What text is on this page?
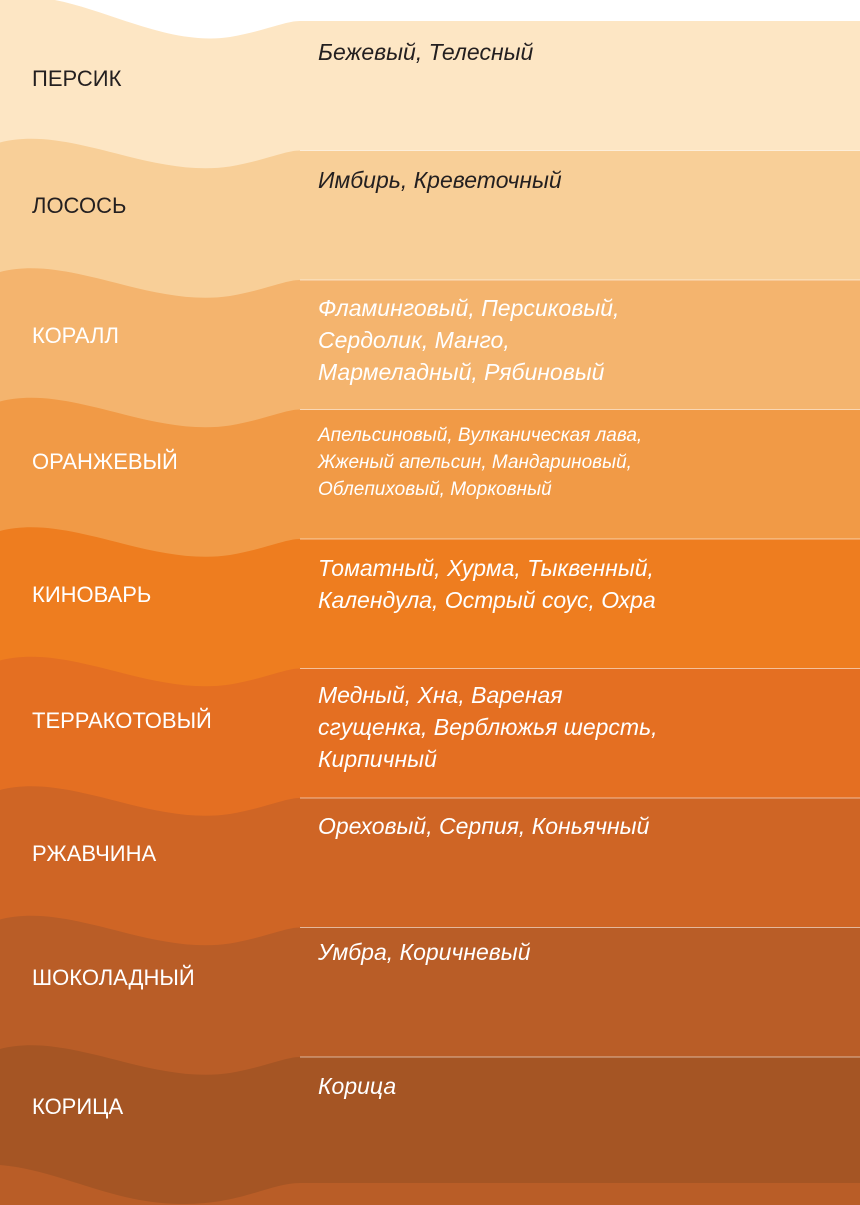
ПЕРСИК
Бежевый, Телесный
ЛОСОСЬ
Имбирь, Креветочный
КОРАЛЛ
Фламинговый, Персиковый,
Сердолик, Манго,
Мармеладный, Рябиновый
ОРАНЖЕВЫЙ
Апельсиновый, Вулканическая лава,
Жженый апельсин, Мандариновый,
Облепиховый, Морковный
КИНОВАРЬ
Томатный, Хурма, Тыквенный,
Календула, Острый соус, Охра
ТЕРРАКОТОВЫЙ
Медный, Хна, Вареная
сгущенка, Верблюжья шерсть,
Кирпичный
РЖАВЧИНА
Ореховый, Серпия, Коньячный
ШОКОЛАДНЫЙ
Умбра, Коричневый
КОРИЦА
Корица
